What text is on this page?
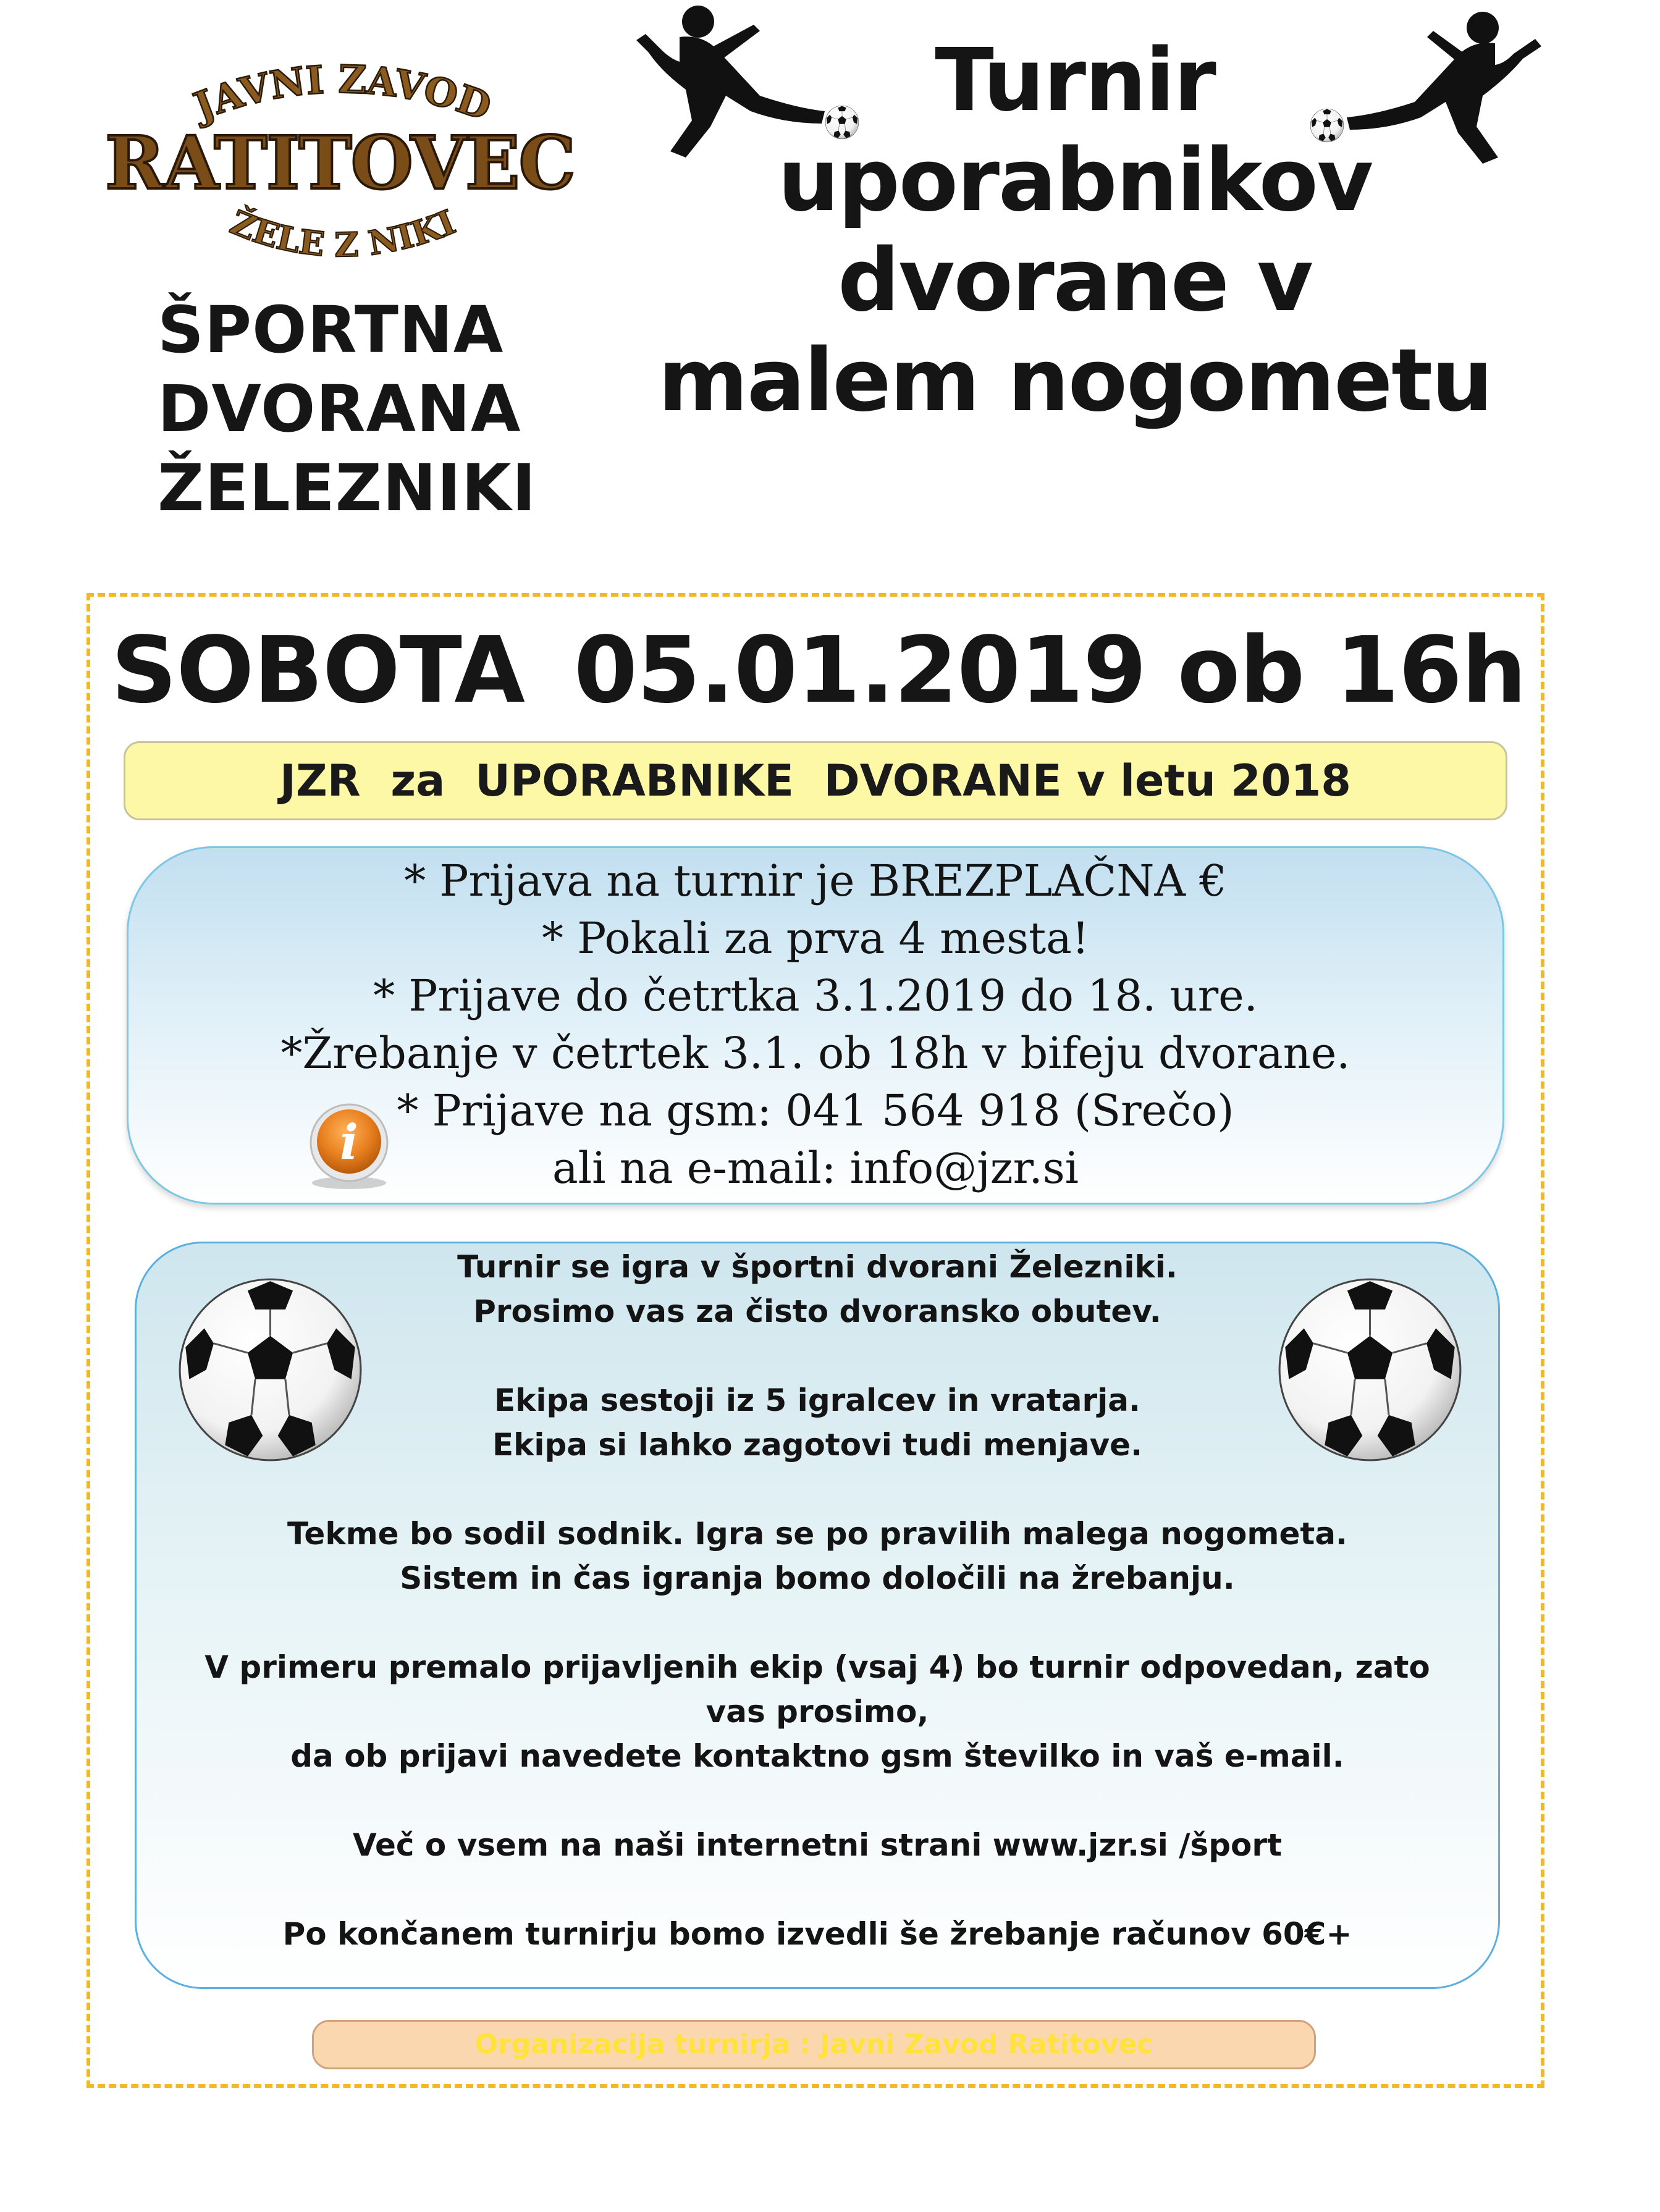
JAVNI ZAVOD
RATITOVEC
ŽELE Z NIKI
ŠPORTNA
DVORANA
ŽELEZNIKI
Turnir
uporabnikov
dvorane v
malem nogometu
SOBOTA 05.01.2019 ob 16h
JZR  za  UPORABNIKE  DVORANE v letu 2018
* Prijava na turnir je BREZPLAČNA €
* Pokali za prva 4 mesta!
* Prijave do četrtka 3.1.2019 do 18. ure.
*Žrebanje v četrtek 3.1. ob 18h v bifeju dvorane.
* Prijave na gsm: 041 564 918 (Srečo)
ali na e-mail: info@jzr.si
i
Turnir se igra v športni dvorani Železniki.
Prosimo vas za čisto dvoransko obutev.
Ekipa sestoji iz 5 igralcev in vratarja.
Ekipa si lahko zagotovi tudi menjave.
Tekme bo sodil sodnik. Igra se po pravilih malega nogometa.
Sistem in čas igranja bomo določili na žrebanju.
V primeru premalo prijavljenih ekip (vsaj 4) bo turnir odpovedan, zato
vas prosimo,
da ob prijavi navedete kontaktno gsm številko in vaš e-mail.
Več o vsem na naši internetni strani www.jzr.si /šport
Po končanem turnirju bomo izvedli še žrebanje računov 60€+
Organizacija turnirja : Javni Zavod Ratitovec
